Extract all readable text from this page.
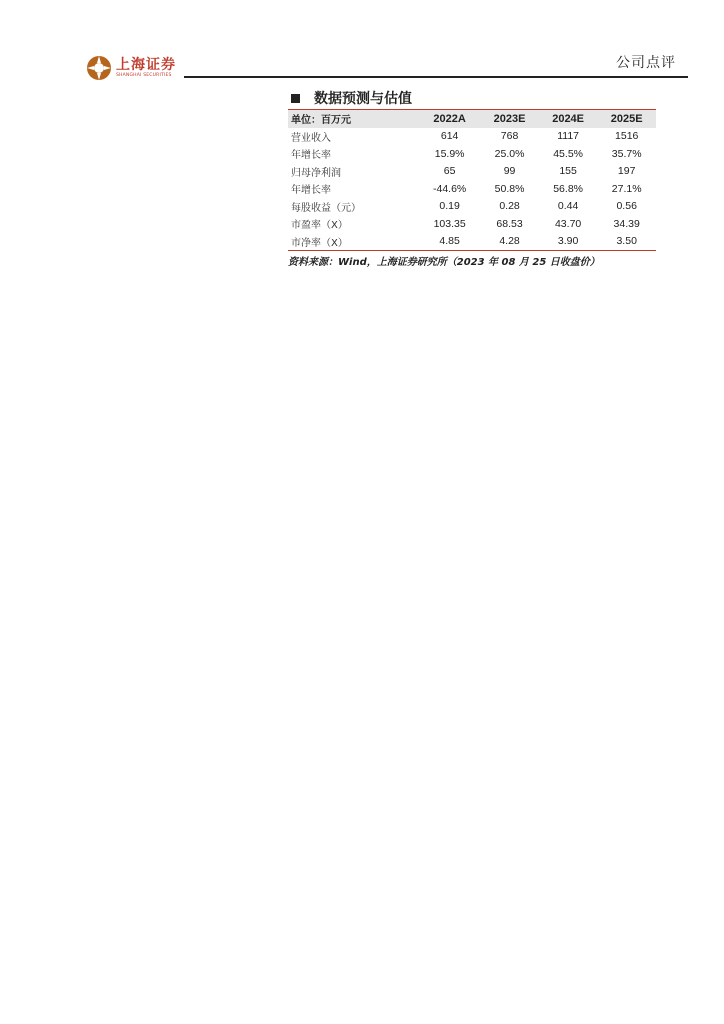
上海证券
SHANGHAI SECURITIES
公司点评
数据预测与估值
单位：百万元	2022A	2023E	2024E	2025E
营业收入	614	768	1117	1516
年增长率	15.9%	25.0%	45.5%	35.7%
归母净利润	65	99	155	197
年增长率	-44.6%	50.8%	56.8%	27.1%
每股收益（元）	0.19	0.28	0.44	0.56
市盈率（X）	103.35	68.53	43.70	34.39
市净率（X）	4.85	4.28	3.90	3.50
资料来源：Wind，上海证券研究所（2023 年 08 月 25 日收盘价）
